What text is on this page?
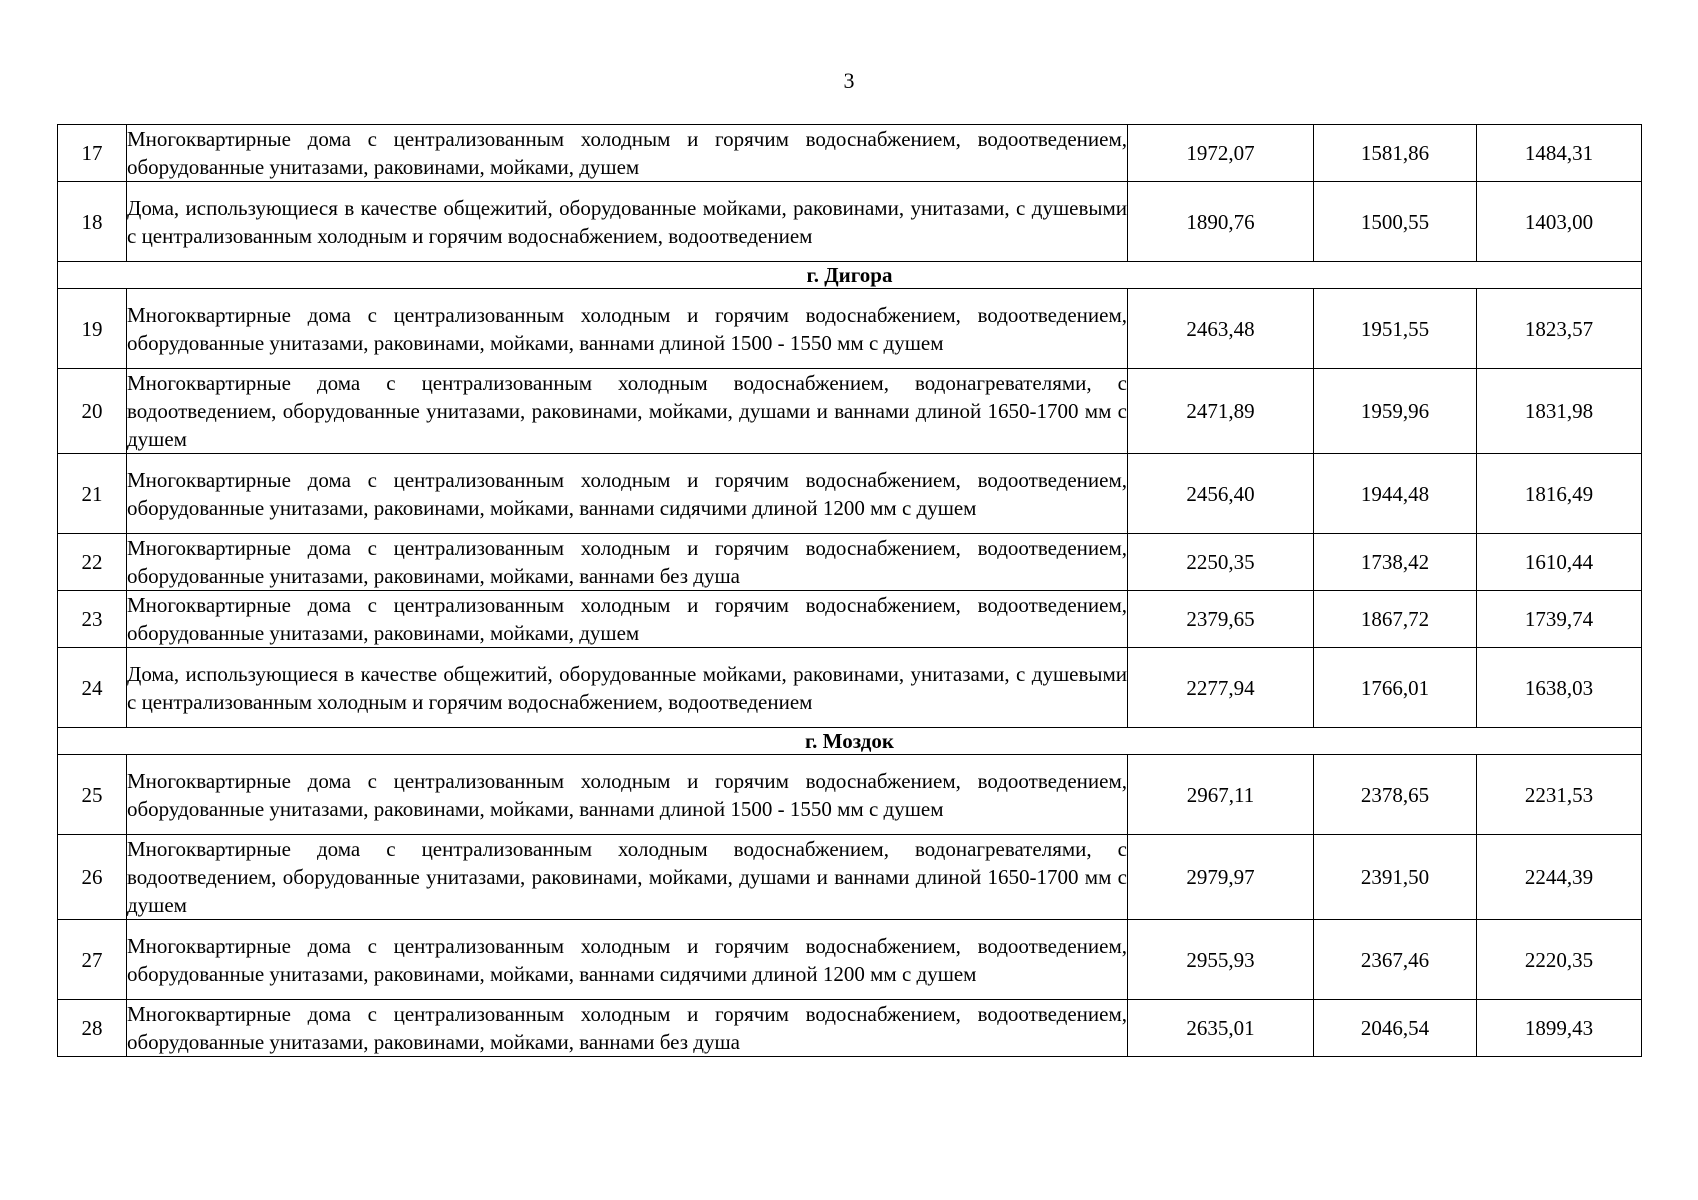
3
17	Многоквартирные дома с централизованным холодным и горячим водоснабжением, водоотведением, оборудованные унитазами, раковинами, мойками, душем	1972,07	1581,86	1484,31
18	Дома, использующиеся в качестве общежитий, оборудованные мойками, раковинами, унитазами, с душевыми с централизованным холодным и горячим водоснабжением, водоотведением	1890,76	1500,55	1403,00
г. Дигора				
19	Многоквартирные дома с централизованным холодным и горячим водоснабжением, водоотведением, оборудованные унитазами, раковинами, мойками, ваннами длиной 1500 - 1550 мм с душем	2463,48	1951,55	1823,57
20	Многоквартирные дома с централизованным холодным водоснабжением, водонагревателями, с водоотведением, оборудованные унитазами, раковинами, мойками, душами и ваннами длиной 1650-1700 мм с душем	2471,89	1959,96	1831,98
21	Многоквартирные дома с централизованным холодным и горячим водоснабжением, водоотведением, оборудованные унитазами, раковинами, мойками, ваннами сидячими длиной 1200 мм с душем	2456,40	1944,48	1816,49
22	Многоквартирные дома с централизованным холодным и горячим водоснабжением, водоотведением, оборудованные унитазами, раковинами, мойками, ваннами без душа	2250,35	1738,42	1610,44
23	Многоквартирные дома с централизованным холодным и горячим водоснабжением, водоотведением, оборудованные унитазами, раковинами, мойками, душем	2379,65	1867,72	1739,74
24	Дома, использующиеся в качестве общежитий, оборудованные мойками, раковинами, унитазами, с душевыми с централизованным холодным и горячим водоснабжением, водоотведением	2277,94	1766,01	1638,03
г. Моздок				
25	Многоквартирные дома с централизованным холодным и горячим водоснабжением, водоотведением, оборудованные унитазами, раковинами, мойками, ваннами длиной 1500 - 1550 мм с душем	2967,11	2378,65	2231,53
26	Многоквартирные дома с централизованным холодным водоснабжением, водонагревателями, с водоотведением, оборудованные унитазами, раковинами, мойками, душами и ваннами длиной 1650-1700 мм с душем	2979,97	2391,50	2244,39
27	Многоквартирные дома с централизованным холодным и горячим водоснабжением, водоотведением, оборудованные унитазами, раковинами, мойками, ваннами сидячими длиной 1200 мм с душем	2955,93	2367,46	2220,35
28	Многоквартирные дома с централизованным холодным и горячим водоснабжением, водоотведением, оборудованные унитазами, раковинами, мойками, ваннами без душа	2635,01	2046,54	1899,43
